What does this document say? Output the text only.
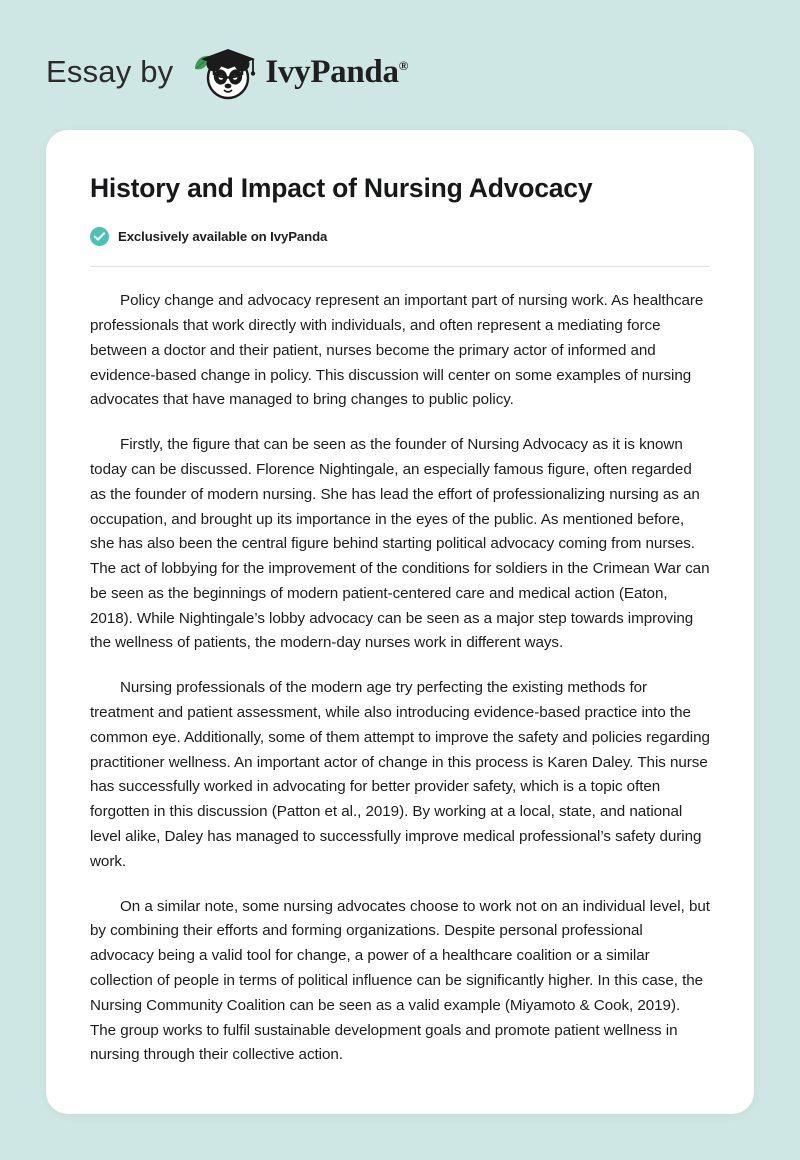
Essay by	IvyPanda®
History and Impact of Nursing Advocacy
Exclusively available on IvyPanda

Policy change and advocacy represent an important part of nursing work. As healthcare professionals that work directly with individuals, and often represent a mediating force between a doctor and their patient, nurses become the primary actor of informed and evidence-based change in policy. This discussion will center on some examples of nursing advocates that have managed to bring changes to public policy.

Firstly, the figure that can be seen as the founder of Nursing Advocacy as it is known today can be discussed. Florence Nightingale, an especially famous figure, often regarded as the founder of modern nursing. She has lead the effort of professionalizing nursing as an occupation, and brought up its importance in the eyes of the public. As mentioned before, she has also been the central figure behind starting political advocacy coming from nurses. The act of lobbying for the improvement of the conditions for soldiers in the Crimean War can be seen as the beginnings of modern patient-centered care and medical action (Eaton, 2018). While Nightingale’s lobby advocacy can be seen as a major step towards improving the wellness of patients, the modern-day nurses work in different ways.

Nursing professionals of the modern age try perfecting the existing methods for treatment and patient assessment, while also introducing evidence-based practice into the common eye. Additionally, some of them attempt to improve the safety and policies regarding practitioner wellness. An important actor of change in this process is Karen Daley. This nurse has successfully worked in advocating for better provider safety, which is a topic often forgotten in this discussion (Patton et al., 2019). By working at a local, state, and national level alike, Daley has managed to successfully improve medical professional’s safety during work.

On a similar note, some nursing advocates choose to work not on an individual level, but by combining their efforts and forming organizations. Despite personal professional advocacy being a valid tool for change, a power of a healthcare coalition or a similar collection of people in terms of political influence can be significantly higher. In this case, the Nursing Community Coalition can be seen as a valid example (Miyamoto & Cook, 2019). The group works to fulfil sustainable development goals and promote patient wellness in nursing through their collective action.
